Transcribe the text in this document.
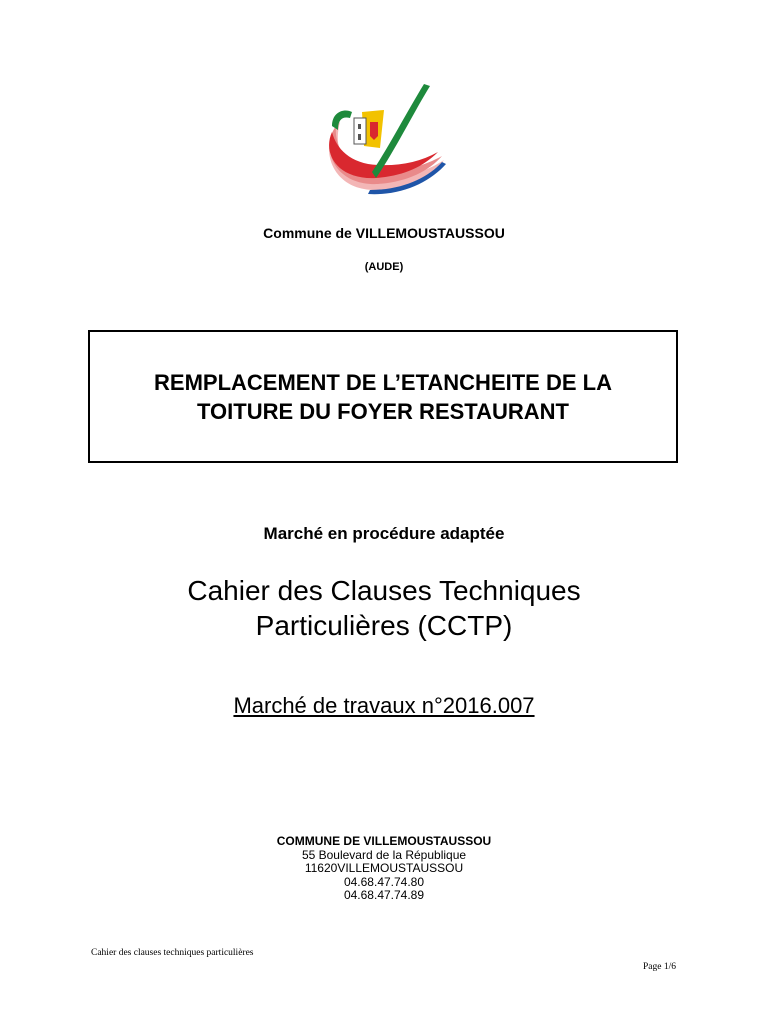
Commune de VILLEMOUSTAUSSOU
(AUDE)
REMPLACEMENT DE L’ETANCHEITE DE LA
TOITURE DU FOYER RESTAURANT
Marché en procédure adaptée
Cahier des Clauses Techniques
Particulières (CCTP)
Marché de travaux n°2016.007
COMMUNE DE VILLEMOUSTAUSSOU
55 Boulevard de la République
11620VILLEMOUSTAUSSOU
04.68.47.74.80
04.68.47.74.89
Cahier des clauses techniques particulières
Page 1/6
